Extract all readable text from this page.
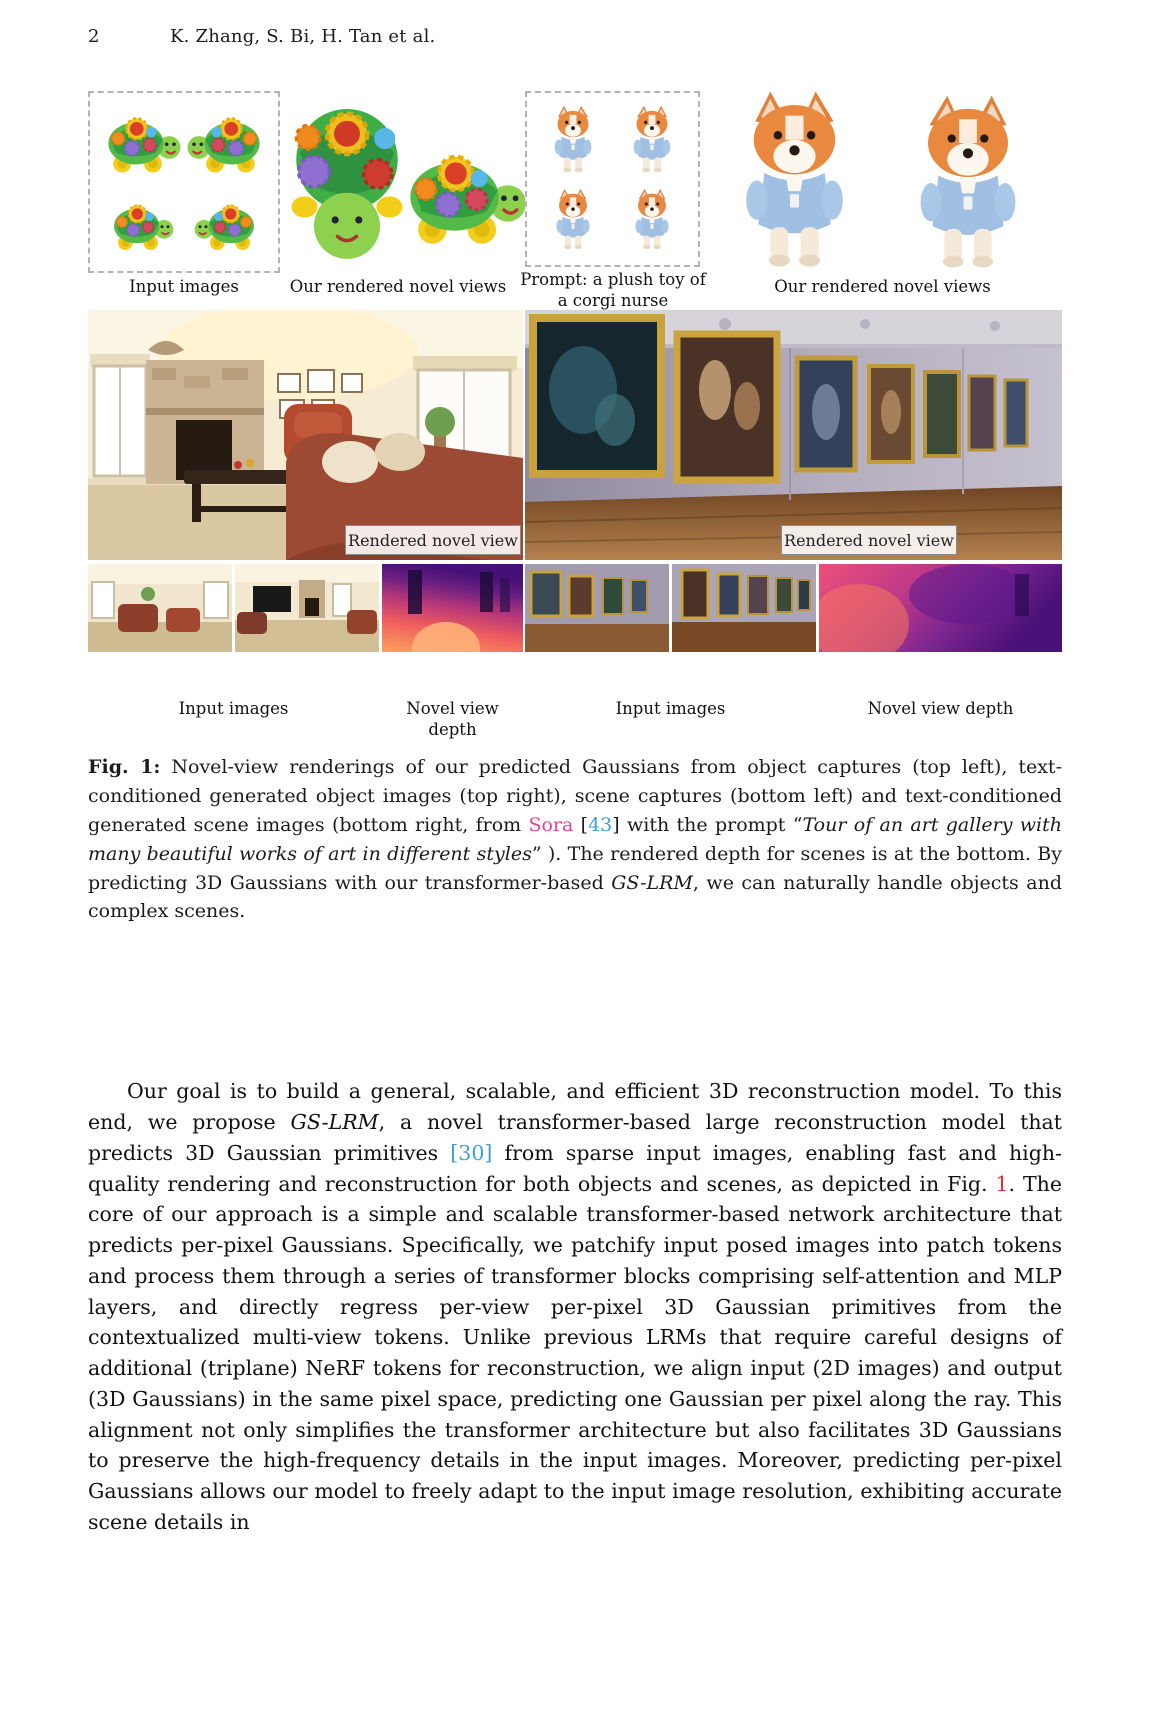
2	K. Zhang, S. Bi, H. Tan et al.
Input images	Our rendered novel views Prompt: a plush toy of
a corgi nurse
Our rendered novel views
Rendered novel view	Rendered novel view
Input images	Novel view depth
Input images	Novel view depth

Fig. 1: Novel-view renderings of our predicted Gaussians from object captures (top left), text-conditioned generated object images (top right), scene captures (bottom left) and text-conditioned generated scene images (bottom right, from Sora [43] with the prompt “Tour of an art gallery with many beautiful works of art in different styles” ). The rendered depth for scenes is at the bottom. By predicting 3D Gaussians with our transformer-based GS-LRM, we can naturally handle objects and complex scenes.

Our goal is to build a general, scalable, and efficient 3D reconstruction model. To this end, we propose GS-LRM, a novel transformer-based large reconstruction model that predicts 3D Gaussian primitives [30] from sparse input images, enabling fast and high-quality rendering and reconstruction for both objects and scenes, as depicted in Fig. 1. The core of our approach is a simple and scalable transformer-based network architecture that predicts per-pixel Gaussians. Specifically, we patchify input posed images into patch tokens and process them through a series of transformer blocks comprising self-attention and MLP layers, and directly regress per-view per-pixel 3D Gaussian primitives from the contextualized multi-view tokens. Unlike previous LRMs that require careful designs of additional (triplane) NeRF tokens for reconstruction, we align input (2D images) and output (3D Gaussians) in the same pixel space, predicting one Gaussian per pixel along the ray. This alignment not only simplifies the transformer architecture but also facilitates 3D Gaussians to preserve the high-frequency details in the input images. Moreover, predicting per-pixel Gaussians allows our model to freely adapt to the input image resolution, exhibiting accurate scene details in
